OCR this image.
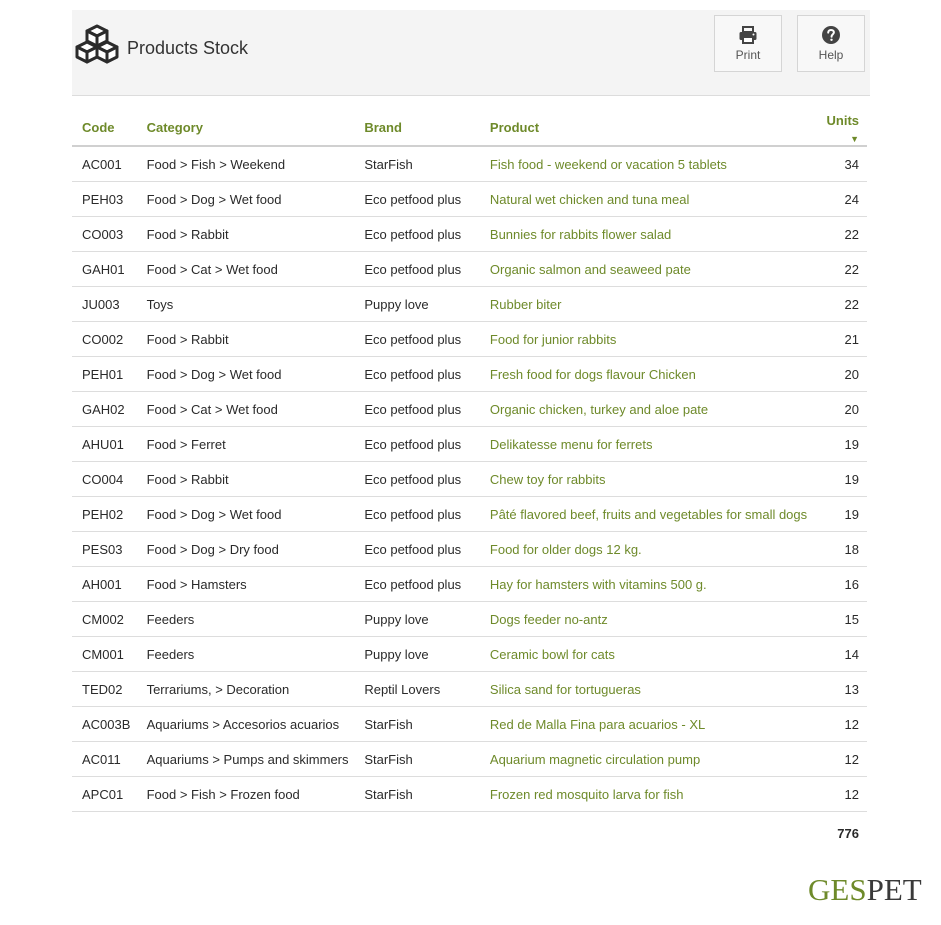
Products Stock	Print	Help
Code	Category	Brand	Product	Units▼
AC001	Food > Fish > Weekend	StarFish	Fish food - weekend or vacation 5 tablets	34
PEH03	Food > Dog > Wet food	Eco petfood plus	Natural wet chicken and tuna meal	24
CO003	Food > Rabbit	Eco petfood plus	Bunnies for rabbits flower salad	22
GAH01	Food > Cat > Wet food	Eco petfood plus	Organic salmon and seaweed pate	22
JU003	Toys	Puppy love	Rubber biter	22
CO002	Food > Rabbit	Eco petfood plus	Food for junior rabbits	21
PEH01	Food > Dog > Wet food	Eco petfood plus	Fresh food for dogs flavour Chicken	20
GAH02	Food > Cat > Wet food	Eco petfood plus	Organic chicken, turkey and aloe pate	20
AHU01	Food > Ferret	Eco petfood plus	Delikatesse menu for ferrets	19
CO004	Food > Rabbit	Eco petfood plus	Chew toy for rabbits	19
PEH02	Food > Dog > Wet food	Eco petfood plus	Pâté flavored beef, fruits and vegetables for small dogs	19
PES03	Food > Dog > Dry food	Eco petfood plus	Food for older dogs 12 kg.	18
AH001	Food > Hamsters	Eco petfood plus	Hay for hamsters with vitamins 500 g.	16
CM002	Feeders	Puppy love	Dogs feeder no-antz	15
CM001	Feeders	Puppy love	Ceramic bowl for cats	14
TED02	Terrariums, > Decoration	Reptil Lovers	Silica sand for tortugueras	13
AC003B	Aquariums > Accesorios acuarios	StarFish	Red de Malla Fina para acuarios - XL	12
AC011	Aquariums > Pumps and skimmers	StarFish	Aquarium magnetic circulation pump	12
APC01	Food > Fish > Frozen food	StarFish	Frozen red mosquito larva for fish	12
				776
GESPET
